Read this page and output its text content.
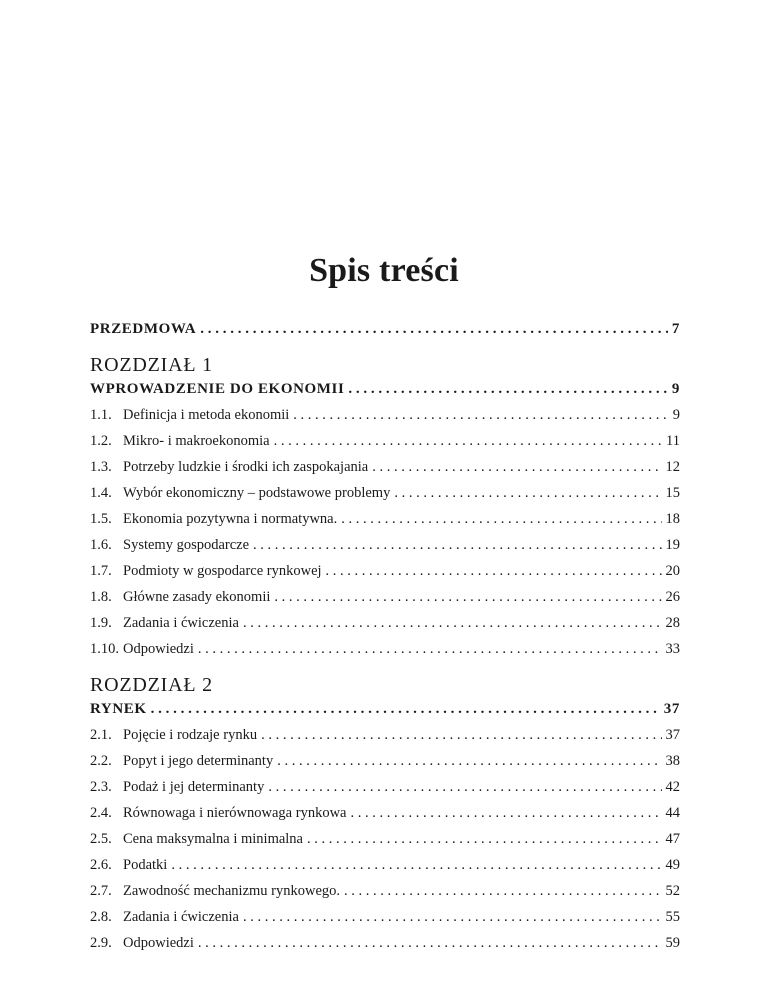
Spis treści
PRZEDMOWA . . .	7
ROZDZIAŁ 1
WPROWADZENIE DO EKONOMII . . .	9
1.1. Definicja i metoda ekonomii . . .	9
1.2. Mikro- i makroekonomia . . .	11
1.3. Potrzeby ludzkie i środki ich zaspokajania . . .	12
1.4. Wybór ekonomiczny – podstawowe problemy . . .	15
1.5. Ekonomia pozytywna i normatywna. . . .	18
1.6. Systemy gospodarcze . . .	19
1.7. Podmioty w gospodarce rynkowej . . .	20
1.8. Główne zasady ekonomii . . .	26
1.9. Zadania i ćwiczenia . . .	28
1.10. Odpowiedzi . . .	33
ROZDZIAŁ 2
RYNEK . . .	37
2.1. Pojęcie i rodzaje rynku . . .	37
2.2. Popyt i jego determinanty . . .	38
2.3. Podaż i jej determinanty . . .	42
2.4. Równowaga i nierównowaga rynkowa . . .	44
2.5. Cena maksymalna i minimalna . . .	47
2.6. Podatki . . .	49
2.7. Zawodność mechanizmu rynkowego. . . .	52
2.8. Zadania i ćwiczenia . . .	55
2.9. Odpowiedzi . . .	59
